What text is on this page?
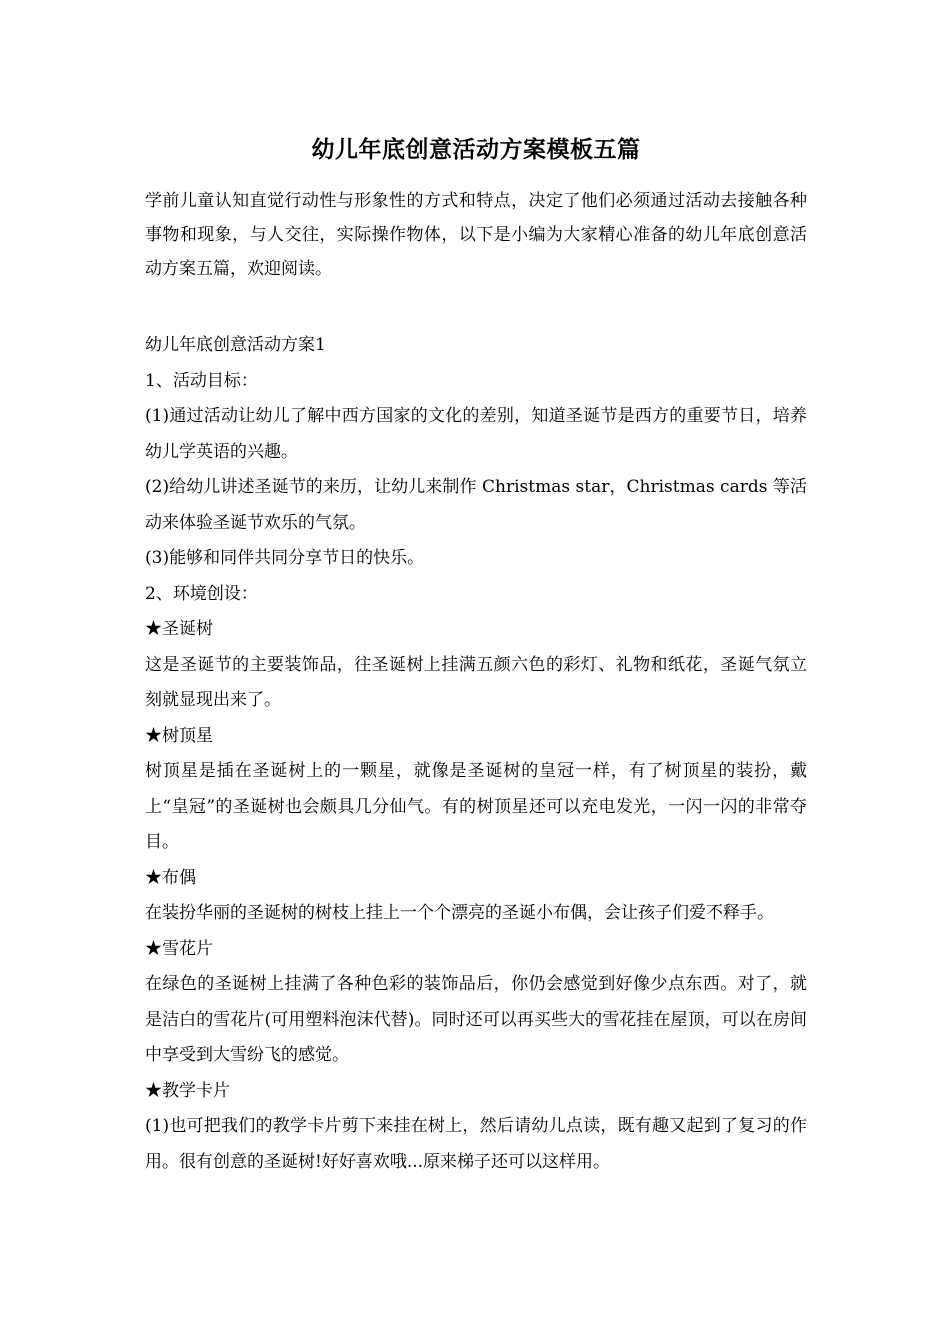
幼儿年底创意活动方案模板五篇
学前儿童认知直觉行动性与形象性的方式和特点，决定了他们必须通过活动去接触各种事物和现象，与人交往，实际操作物体，以下是小编为大家精心准备的幼儿年底创意活动方案五篇，欢迎阅读。

幼儿年底创意活动方案1

1、活动目标：

(1)通过活动让幼儿了解中西方国家的文化的差别，知道圣诞节是西方的重要节日，培养幼儿学英语的兴趣。

(2)给幼儿讲述圣诞节的来历，让幼儿来制作 Christmas star，Christmas cards 等活动来体验圣诞节欢乐的气氛。

(3)能够和同伴共同分享节日的快乐。

2、环境创设：

★圣诞树

这是圣诞节的主要装饰品，往圣诞树上挂满五颜六色的彩灯、礼物和纸花，圣诞气氛立刻就显现出来了。

★树顶星

树顶星是插在圣诞树上的一颗星，就像是圣诞树的皇冠一样，有了树顶星的装扮，戴上“皇冠”的圣诞树也会颇具几分仙气。有的树顶星还可以充电发光，一闪一闪的非常夺目。

★布偶

在装扮华丽的圣诞树的树枝上挂上一个个漂亮的圣诞小布偶，会让孩子们爱不释手。

★雪花片

在绿色的圣诞树上挂满了各种色彩的装饰品后，你仍会感觉到好像少点东西。对了，就是洁白的雪花片(可用塑料泡沫代替)。同时还可以再买些大的雪花挂在屋顶，可以在房间中享受到大雪纷飞的感觉。

★教学卡片

(1)也可把我们的教学卡片剪下来挂在树上，然后请幼儿点读，既有趣又起到了复习的作用。很有创意的圣诞树!好好喜欢哦...原来梯子还可以这样用。
